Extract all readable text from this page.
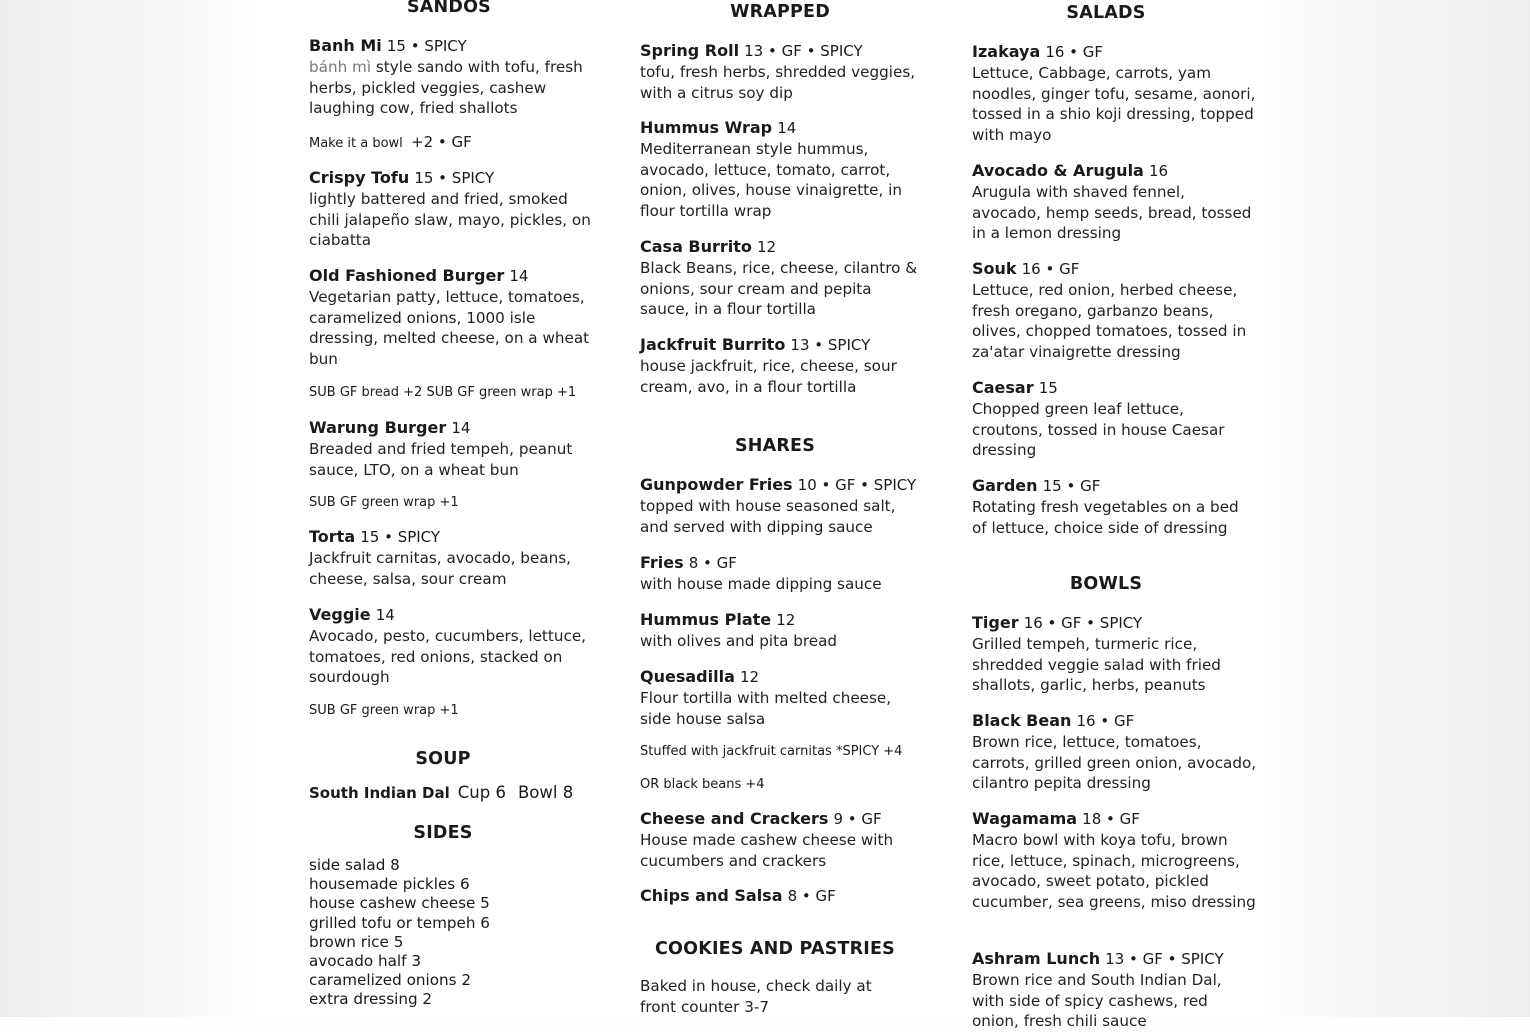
SANDOS

Banh Mi 15 • SPICY

bánh mì style sando with tofu, fresh herbs, pickled veggies, cashew laughing cow, fried shallots

Make it a bowl +2 • GF

Crispy Tofu 15 • SPICY

lightly battered and fried, smoked chili jalapeño slaw, mayo, pickles, on ciabatta

Old Fashioned Burger 14

Vegetarian patty, lettuce, tomatoes, caramelized onions, 1000 isle dressing, melted cheese, on a wheat bun

SUB GF bread +2 SUB GF green wrap +1

Warung Burger 14

Breaded and fried tempeh, peanut sauce, LTO, on a wheat bun

SUB GF green wrap +1

Torta 15 • SPICY

Jackfruit carnitas, avocado, beans, cheese, salsa, sour cream

Veggie 14

Avocado, pesto, cucumbers, lettuce, tomatoes, red onions, stacked on sourdough

SUB GF green wrap +1

SOUP
South Indian Dal Cup 6 Bowl 8
SIDES
side salad 8
housemade pickles 6
house cashew cheese 5
grilled tofu or tempeh 6
brown rice 5
avocado half 3
caramelized onions 2
extra dressing 2
WRAPPED

Spring Roll 13 • GF • SPICY

tofu, fresh herbs, shredded veggies, with a citrus soy dip

Hummus Wrap 14

Mediterranean style hummus, avocado, lettuce, tomato, carrot, onion, olives, house vinaigrette, in flour tortilla wrap

Casa Burrito 12

Black Beans, rice, cheese, cilantro & onions, sour cream and pepita sauce, in a flour tortilla

Jackfruit Burrito 13 • SPICY

house jackfruit, rice, cheese, sour cream, avo, in a flour tortilla

SHARES

Gunpowder Fries 10 • GF • SPICY

topped with house seasoned salt, and served with dipping sauce

Fries 8 • GF

with house made dipping sauce

Hummus Plate 12

with olives and pita bread

Quesadilla 12

Flour tortilla with melted cheese, side house salsa

Stuffed with jackfruit carnitas *SPICY +4

OR black beans +4

Cheese and Crackers 9 • GF

House made cashew cheese with cucumbers and crackers

Chips and Salsa 8 • GF

COOKIES AND PASTRIES

Baked in house, check daily at front counter 3-7

SALADS

Izakaya 16 • GF

Lettuce, Cabbage, carrots, yam noodles, ginger tofu, sesame, aonori, tossed in a shio koji dressing, topped with mayo

Avocado & Arugula 16

Arugula with shaved fennel, avocado, hemp seeds, bread, tossed in a lemon dressing

Souk 16 • GF

Lettuce, red onion, herbed cheese, fresh oregano, garbanzo beans, olives, chopped tomatoes, tossed in za'atar vinaigrette dressing

Caesar 15

Chopped green leaf lettuce, croutons, tossed in house Caesar dressing

Garden 15 • GF

Rotating fresh vegetables on a bed of lettuce, choice side of dressing

BOWLS

Tiger 16 • GF • SPICY

Grilled tempeh, turmeric rice, shredded veggie salad with fried shallots, garlic, herbs, peanuts

Black Bean 16 • GF

Brown rice, lettuce, tomatoes, carrots, grilled green onion, avocado, cilantro pepita dressing

Wagamama 18 • GF

Macro bowl with koya tofu, brown rice, lettuce, spinach, microgreens, avocado, sweet potato, pickled cucumber, sea greens, miso dressing

Ashram Lunch 13 • GF • SPICY

Brown rice and South Indian Dal, with side of spicy cashews, red onion, fresh chili sauce
